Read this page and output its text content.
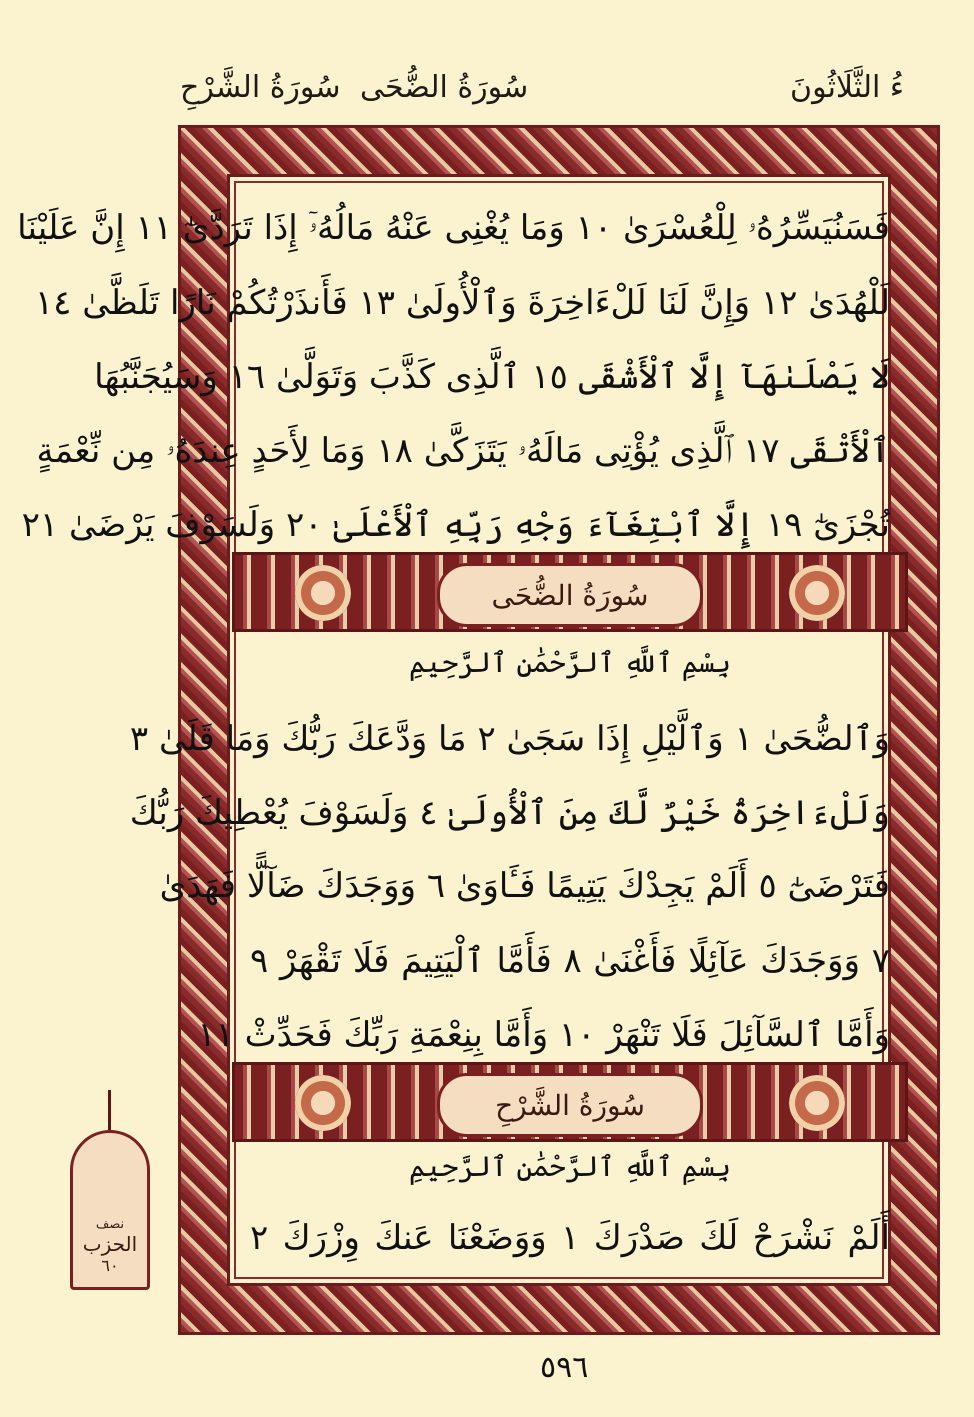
ءُ الثَّلَاثُونَ
سُورَةُ الضُّحَى
سُورَةُ الشَّرْحِ
فَسَنُيَسِّرُهُۥ لِلْعُسْرَىٰ ١٠ وَمَا يُغْنِى عَنْهُ مَالُهُۥٓ إِذَا تَرَدَّىٰٓ ١١ إِنَّ عَلَيْنَا
لَلْهُدَىٰ ١٢ وَإِنَّ لَنَا لَلْءَاخِرَةَ وَٱلْأُولَىٰ ١٣ فَأَنذَرْتُكُمْ نَارًا تَلَظَّىٰ ١٤
لَا يَصْلَىٰهَآ إِلَّا ٱلْأَشْقَى ١٥ ٱلَّذِى كَذَّبَ وَتَوَلَّىٰ ١٦ وَسَيُجَنَّبُهَا
ٱلْأَتْقَى ١٧ ٱلَّذِى يُؤْتِى مَالَهُۥ يَتَزَكَّىٰ ١٨ وَمَا لِأَحَدٍ عِندَهُۥ مِن نِّعْمَةٍ
تُجْزَىٰٓ ١٩ إِلَّا ٱبْتِغَآءَ وَجْهِ رَبِّهِ ٱلْأَعْلَىٰ ٢٠ وَلَسَوْفَ يَرْضَىٰ ٢١
سُورَةُ الضُّحَى
بِسْمِ ٱللَّهِ ٱلرَّحْمَٰنِ ٱلرَّحِيمِ
وَٱلضُّحَىٰ ١ وَٱلَّيْلِ إِذَا سَجَىٰ ٢ مَا وَدَّعَكَ رَبُّكَ وَمَا قَلَىٰ ٣
وَلَلْءَاخِرَةُ خَيْرٌ لَّكَ مِنَ ٱلْأُولَىٰ ٤ وَلَسَوْفَ يُعْطِيكَ رَبُّكَ
فَتَرْضَىٰٓ ٥ أَلَمْ يَجِدْكَ يَتِيمًا فَـَٔاوَىٰ ٦ وَوَجَدَكَ ضَآلًّا فَهَدَىٰ
٧ وَوَجَدَكَ عَآئِلًا فَأَغْنَىٰ ٨ فَأَمَّا ٱلْيَتِيمَ فَلَا تَقْهَرْ ٩
وَأَمَّا ٱلسَّآئِلَ فَلَا تَنْهَرْ ١٠ وَأَمَّا بِنِعْمَةِ رَبِّكَ فَحَدِّثْ ١١
سُورَةُ الشَّرْحِ
بِسْمِ ٱللَّهِ ٱلرَّحْمَٰنِ ٱلرَّحِيمِ
أَلَمْ نَشْرَحْ لَكَ صَدْرَكَ ١ وَوَضَعْنَا عَنكَ وِزْرَكَ ٢
نصف
الحزب
٦٠
٥٩٦
